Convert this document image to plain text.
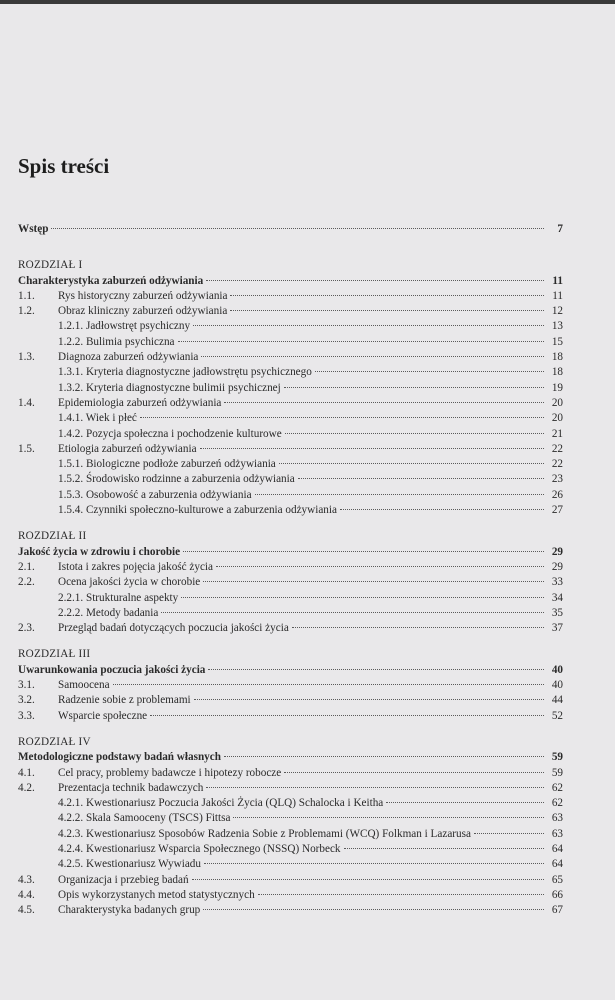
Spis treści
Wstęp	7
ROZDZIAŁ I
Charakterystyka zaburzeń odżywiania	11
1.1.	Rys historyczny zaburzeń odżywiania	11
1.2.	Obraz kliniczny zaburzeń odżywiania	12
1.2.1. Jadłowstręt psychiczny	13
1.2.2. Bulimia psychiczna	15
1.3.	Diagnoza zaburzeń odżywiania	18
1.3.1. Kryteria diagnostyczne jadłowstrętu psychicznego	18
1.3.2. Kryteria diagnostyczne bulimii psychicznej	19
1.4.	Epidemiologia zaburzeń odżywiania	20
1.4.1. Wiek i płeć	20
1.4.2. Pozycja społeczna i pochodzenie kulturowe	21
1.5.	Etiologia zaburzeń odżywiania	22
1.5.1. Biologiczne podłoże zaburzeń odżywiania	22
1.5.2. Środowisko rodzinne a zaburzenia odżywiania	23
1.5.3. Osobowość a zaburzenia odżywiania	26
1.5.4. Czynniki społeczno-kulturowe a zaburzenia odżywiania	27
ROZDZIAŁ II
Jakość życia w zdrowiu i chorobie	29
2.1.	Istota i zakres pojęcia jakość życia	29
2.2.	Ocena jakości życia w chorobie	33
2.2.1. Strukturalne aspekty	34
2.2.2. Metody badania	35
2.3.	Przegląd badań dotyczących poczucia jakości życia	37
ROZDZIAŁ III
Uwarunkowania poczucia jakości życia	40
3.1.	Samoocena	40
3.2.	Radzenie sobie z problemami	44
3.3.	Wsparcie społeczne	52
ROZDZIAŁ IV
Metodologiczne podstawy badań własnych	59
4.1.	Cel pracy, problemy badawcze i hipotezy robocze	59
4.2.	Prezentacja technik badawczych	62
4.2.1. Kwestionariusz Poczucia Jakości Życia (QLQ) Schalocka i Keitha	62
4.2.2. Skala Samooceny (TSCS) Fittsa	63
4.2.3. Kwestionariusz Sposobów Radzenia Sobie z Problemami (WCQ) Folkman i Lazarusa	63
4.2.4. Kwestionariusz Wsparcia Społecznego (NSSQ) Norbeck	64
4.2.5. Kwestionariusz Wywiadu	64
4.3.	Organizacja i przebieg badań	65
4.4.	Opis wykorzystanych metod statystycznych	66
4.5.	Charakterystyka badanych grup	67
